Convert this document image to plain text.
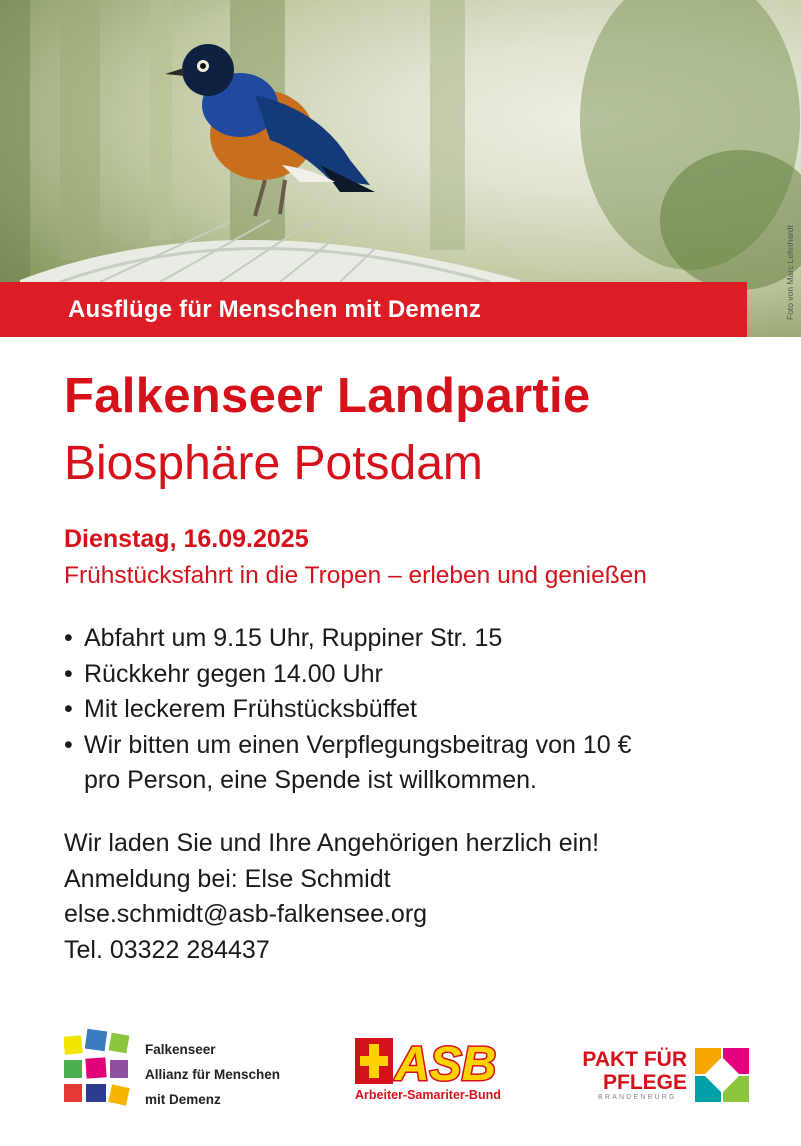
Foto von Marc Lehnhardt
Ausflüge für Menschen mit Demenz
Falkenseer Landpartie
Biosphäre Potsdam
Dienstag, 16.09.2025
Frühstücksfahrt in die Tropen – erleben und genießen
• Abfahrt um 9.15 Uhr, Ruppiner Str. 15
• Rückkehr gegen 14.00 Uhr
• Mit leckerem Frühstücksbüffet
• Wir bitten um einen Verpflegungsbeitrag von 10 €
pro Person, eine Spende ist willkommen.
Wir laden Sie und Ihre Angehörigen herzlich ein!
Anmeldung bei: Else Schmidt
else.schmidt@asb-falkensee.org
Tel. 03322 284437
Falkenseer
Allianz für Menschen
mit Demenz
ASB
Arbeiter-Samariter-Bund
PAKT FÜR
PFLEGE
BRANDENBURG
